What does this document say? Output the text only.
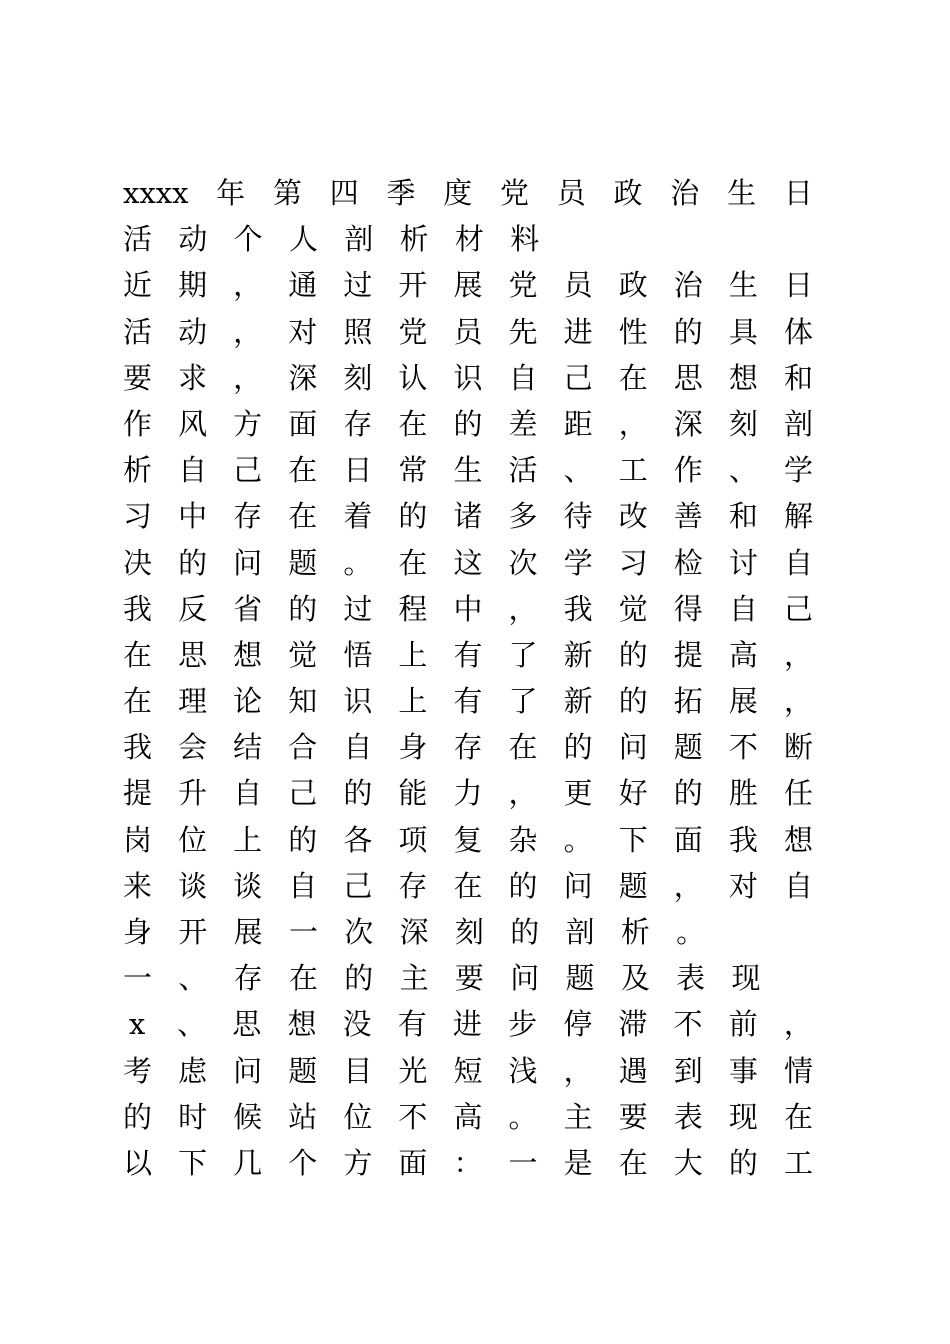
xxxx 年 第 四 季 度 党 员 政 治 生 日
活 动 个 人 剖 析 材 料
近 期 ， 通 过 开 展 党 员 政 治 生 日
活 动 ， 对 照 党 员 先 进 性 的 具 体
要 求 ， 深 刻 认 识 自 己 在 思 想 和
作 风 方 面 存 在 的 差 距 ， 深 刻 剖
析 自 己 在 日 常 生 活 、 工 作 、 学
习 中 存 在 着 的 诸 多 待 改 善 和 解
决 的 问 题 。 在 这 次 学 习 检 讨 自
我 反 省 的 过 程 中 ， 我 觉 得 自 己
在 思 想 觉 悟 上 有 了 新 的 提 高 ，
在 理 论 知 识 上 有 了 新 的 拓 展 ，
我 会 结 合 自 身 存 在 的 问 题 不 断
提 升 自 己 的 能 力 ， 更 好 的 胜 任
岗 位 上 的 各 项 复 杂 。 下 面 我 想
来 谈 谈 自 己 存 在 的 问 题 ， 对 自
身 开 展 一 次 深 刻 的 剖 析 。
一 、 存 在 的 主 要 问 题 及 表 现
x 、 思 想 没 有 进 步 停 滞 不 前 ，
考 虑 问 题 目 光 短 浅 ， 遇 到 事 情
的 时 候 站 位 不 高 。 主 要 表 现 在
以 下 几 个 方 面 ： 一 是 在 大 的 工
